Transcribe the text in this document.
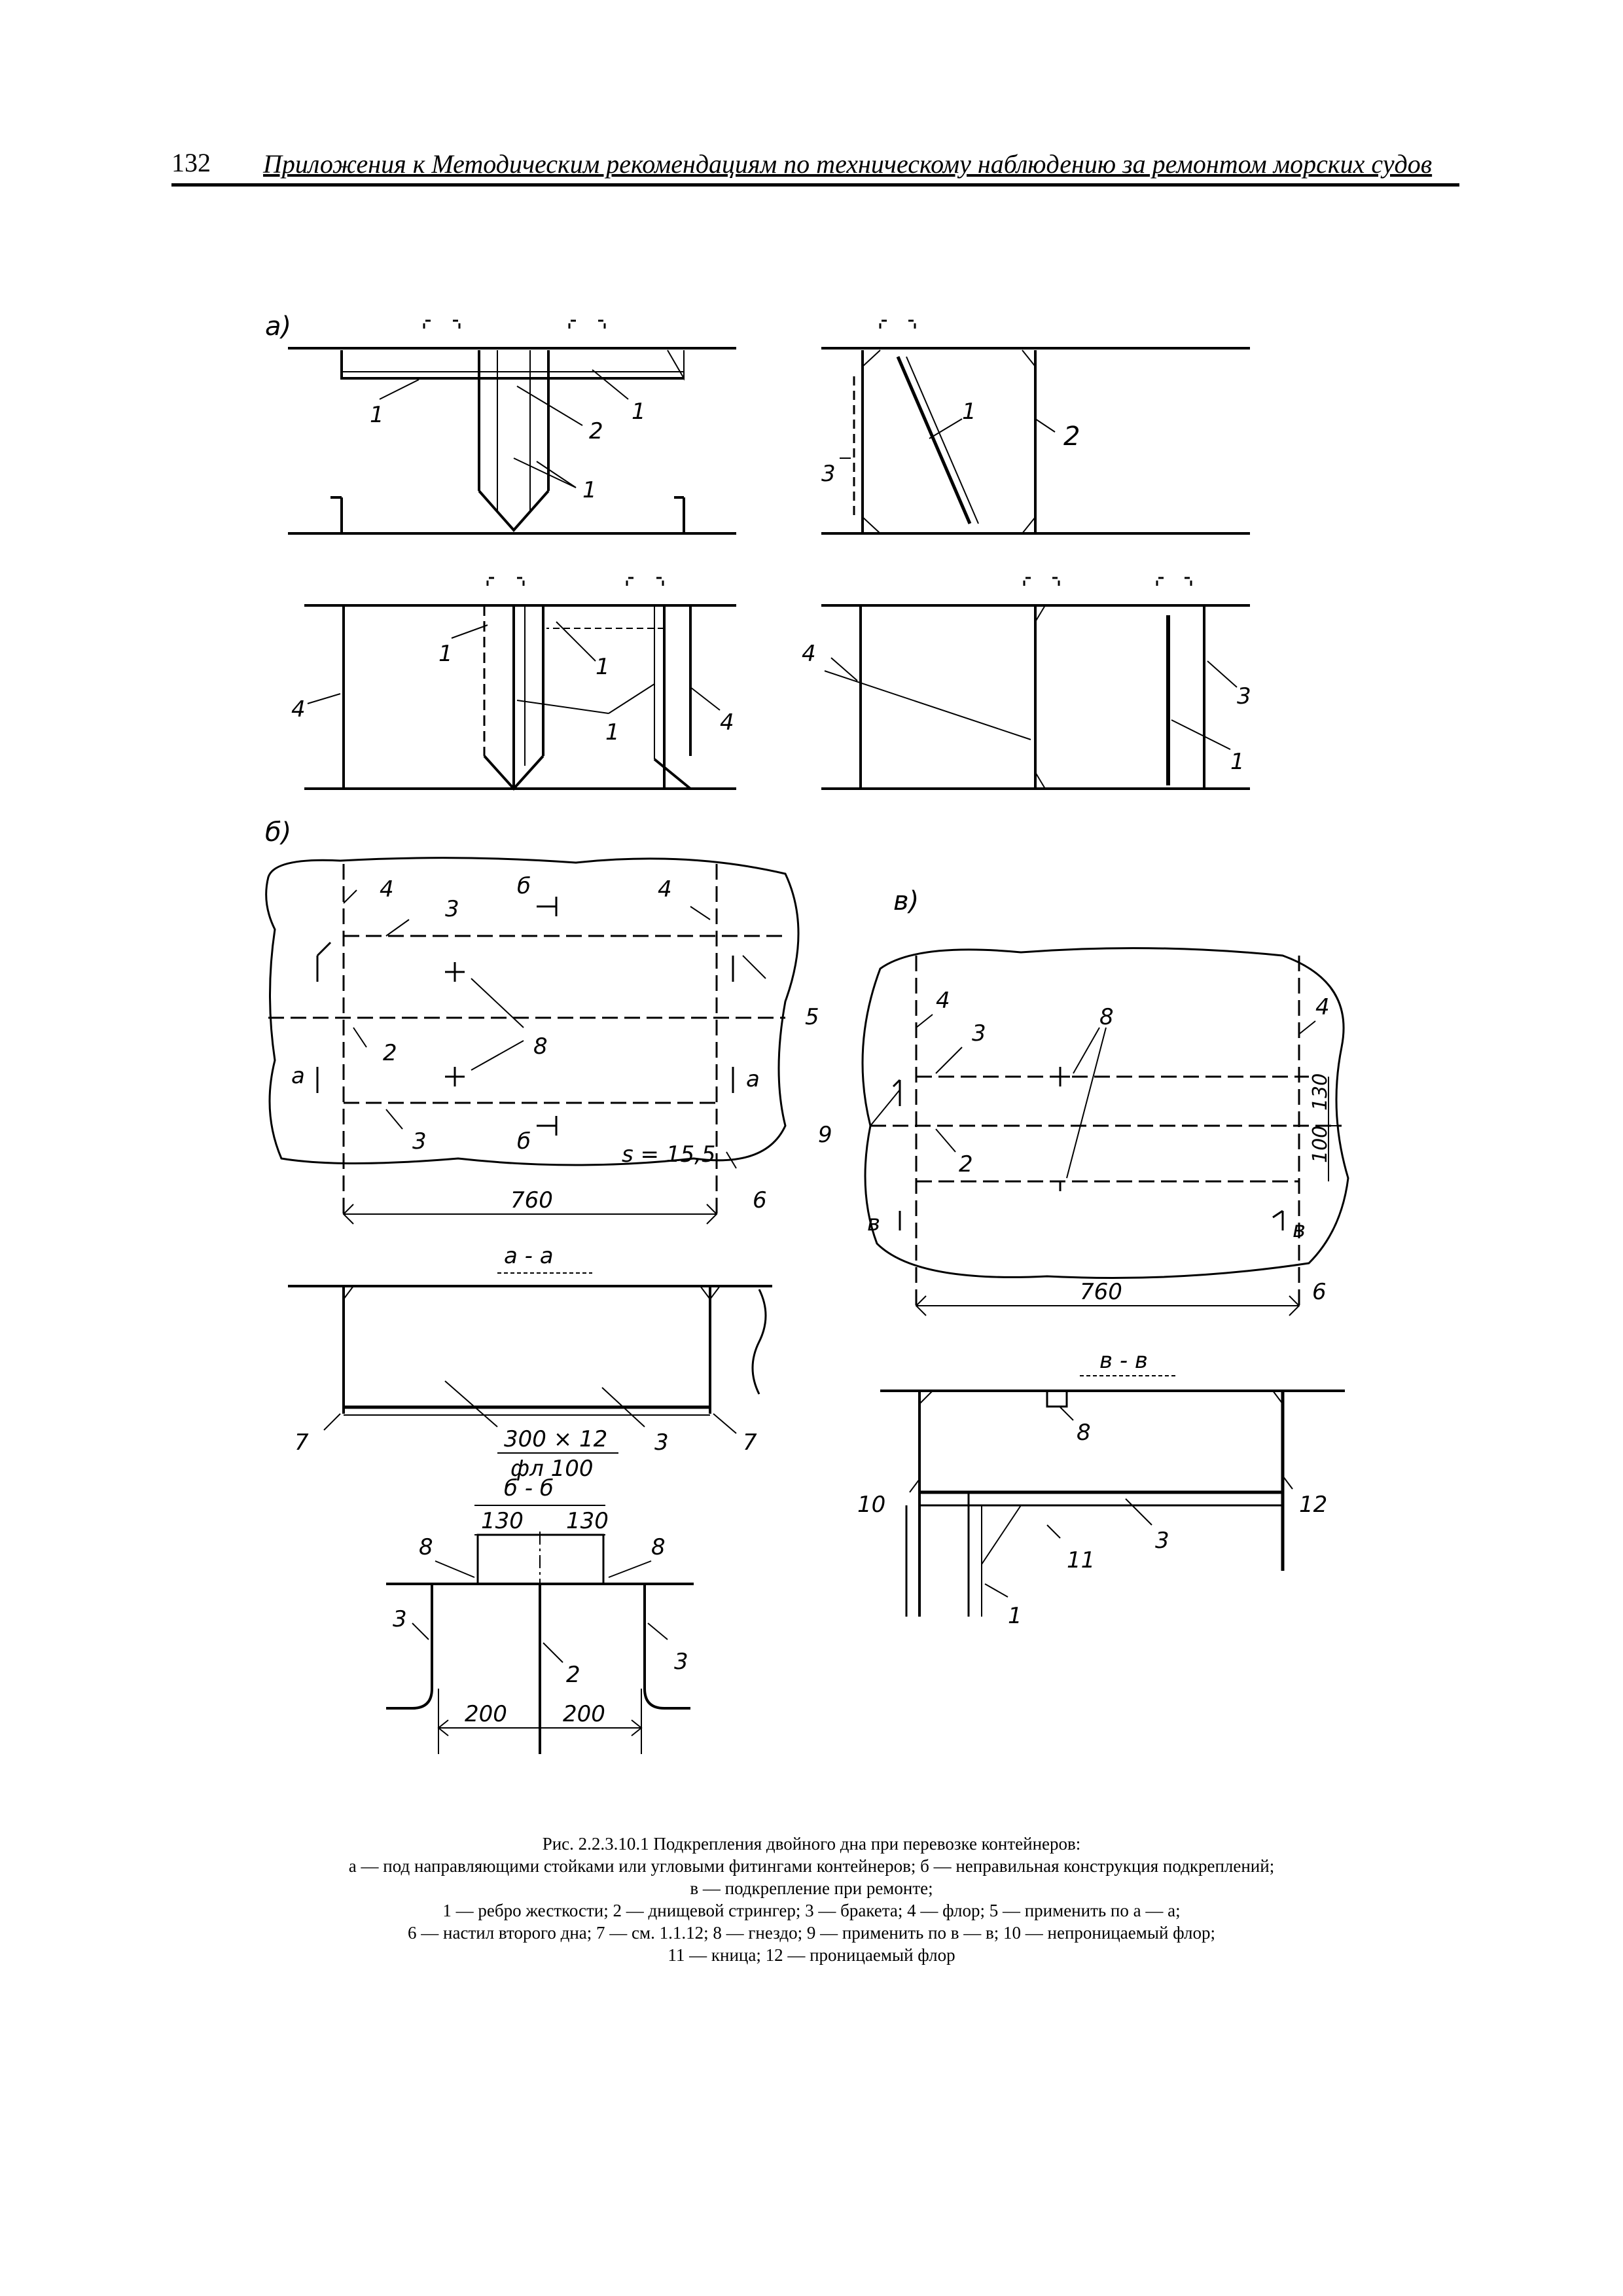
132 Приложения к Методическим рекомендациям по техническому наблюдению за ремонтом морских судов
а)
1
2
1
1
1
2
3
1	1
1	4
4
4
3
1
б)
760
4
3
б	4
5
2	8
а	а
3	б	s = 15,5
6
в)
760
130
100
4	4
3
8
9
2
в	в
6
а - а
7	300 × 12
фл 100
3	7
б - б
130 130
200	200
8	8
3
3
2
в - в
8
10
11
3
12
1

Рис. 2.2.3.10.1 Подкрепления двойного дна при перевозке контейнеров:

а — под направляющими стойками или угловыми фитингами контейнеров; б — неправильная конструкция подкреплений;

в — подкрепление при ремонте;

1 — ребро жесткости; 2 — днищевой стрингер; 3 — бракета; 4 — флор; 5 — применить по а — а;

6 — настил второго дна; 7 — см. 1.1.12; 8 — гнездо; 9 — применить по в — в; 10 — непроницаемый флор;

11 — кница; 12 — проницаемый флор
